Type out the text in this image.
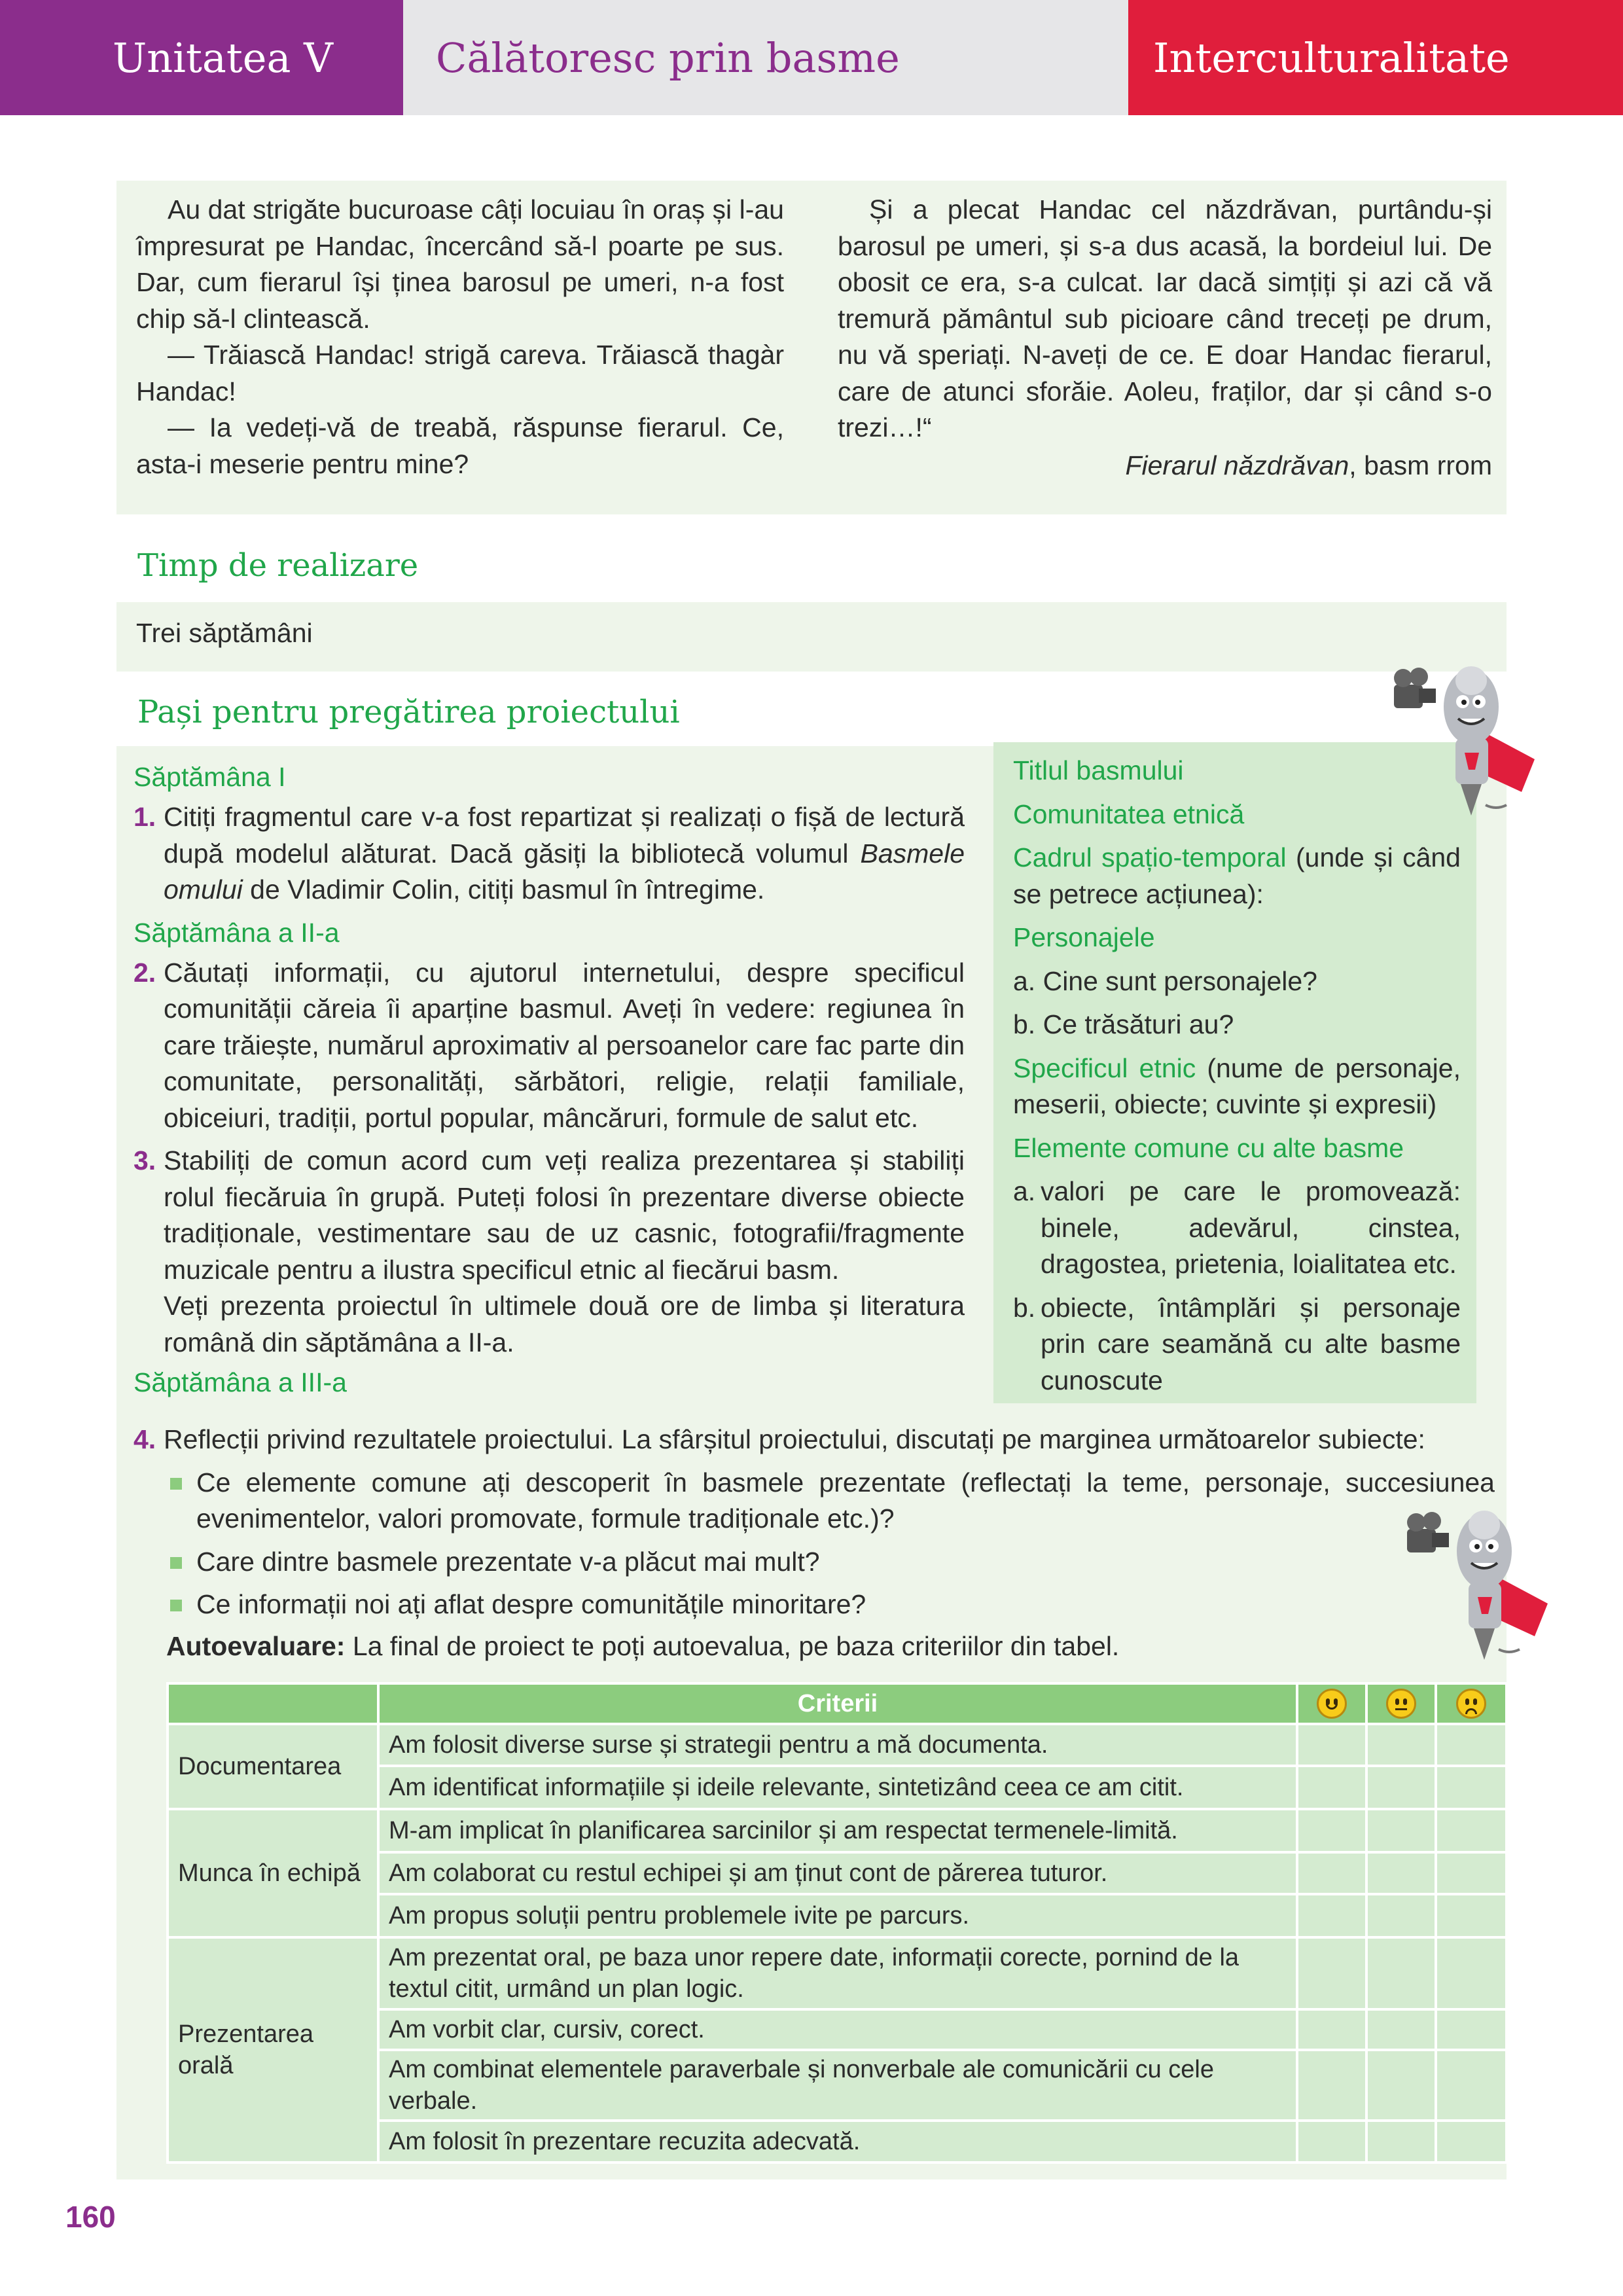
Unitatea V	Călătoresc prin basme	Interculturalitate

Au dat strigăte bucuroase câți locuiau în oraș și l-au împresurat pe Handac, încercând să-l poarte pe sus. Dar, cum fierarul își ținea barosul pe umeri, n-a fost chip să-l clintească.

— Trăiască Handac! strigă careva. Trăiască thagàr Handac!

— Ia vedeți-vă de treabă, răspunse fierarul. Ce, asta-i meserie pentru mine?

Și a plecat Handac cel năzdrăvan, purtându-și barosul pe umeri, și s-a dus acasă, la bordeiul lui. De obosit ce era, s-a culcat. Iar dacă simțiți și azi că vă tremură pământul sub picioare când treceți pe drum, nu vă speriați. N-aveți de ce. E doar Handac fierarul, care de atunci sforăie. Aoleu, fraților, dar și când s-o trezi…!“

Fierarul năzdrăvan, basm rrom
Timp de realizare
Trei săptămâni
Pași pentru pregătirea proiectului
Săptămâna I
1. Citiți fragmentul care v-a fost repartizat și realizați o fișă de lectură după modelul alăturat. Dacă găsiți la bibliotecă volumul Basmele omului de Vladimir Colin, citiți basmul în întregime.
Săptămâna a II-a
2. Căutați informații, cu ajutorul internetului, despre specificul comunității căreia îi aparține basmul. Aveți în vedere: regiunea în care trăiește, numărul aproximativ al persoanelor care fac parte din comunitate, personalități, sărbători, religie, relații familiale, obiceiuri, tradiții, portul popular, mâncăruri, formule de salut etc.
3. Stabiliți de comun acord cum veți realiza prezentarea și stabiliți rolul fiecăruia în grupă. Puteți folosi în prezentare diverse obiecte tradiționale, vestimentare sau de uz casnic, fotografii/fragmente muzicale pentru a ilustra specificul etnic al fiecărui basm.
Veți prezenta proiectul în ultimele două ore de limba și literatura română din săptămâna a II-a.
Săptămâna a III-a
4. Reflecții privind rezultatele proiectului. La sfârșitul proiectului, discutați pe marginea următoarelor subiecte:
Ce elemente comune ați descoperit în basmele prezentate (reflectați la teme, personaje, succesiunea evenimentelor, valori promovate, formule tradiționale etc.)?
Care dintre basmele prezentate v-a plăcut mai mult?
Ce informații noi ați aflat despre comunitățile minoritare?
Autoevaluare: La final de proiect te poți autoevalua, pe baza criteriilor din tabel.
Titlul basmului
Comunitatea etnică
Cadrul spațio-temporal (unde și când se petrece acțiunea):
Personajele
a. Cine sunt personajele?
b. Ce trăsături au?
Specificul etnic (nume de personaje, meserii, obiecte; cuvinte și expresii)
Elemente comune cu alte basme
a. valori pe care le promovează: binele, adevărul, cinstea, dragostea, prietenia, loialitatea etc.
b. obiecte, întâmplări și personaje prin care seamănă cu alte basme cunoscute
	Criterii	

Documentarea	Am folosit diverse surse și strategii pentru a mă documenta.			
	Am identificat informațiile și ideile relevante, sintetizând ceea ce am citit.			
Munca în echipă	M-am implicat în planificarea sarcinilor și am respectat termenele-limită.			
	Am colaborat cu restul echipei și am ținut cont de părerea tuturor.			
	Am propus soluții pentru problemele ivite pe parcurs.			
Prezentarea orală	Am prezentat oral, pe baza unor repere date, informații corecte, pornind de la textul citit, urmând un plan logic.			
	Am vorbit clar, cursiv, corect.			
	Am combinat elementele paraverbale și nonverbale ale comunicării cu cele verbale.			
	Am folosit în prezentare recuzita adecvată.			
160
